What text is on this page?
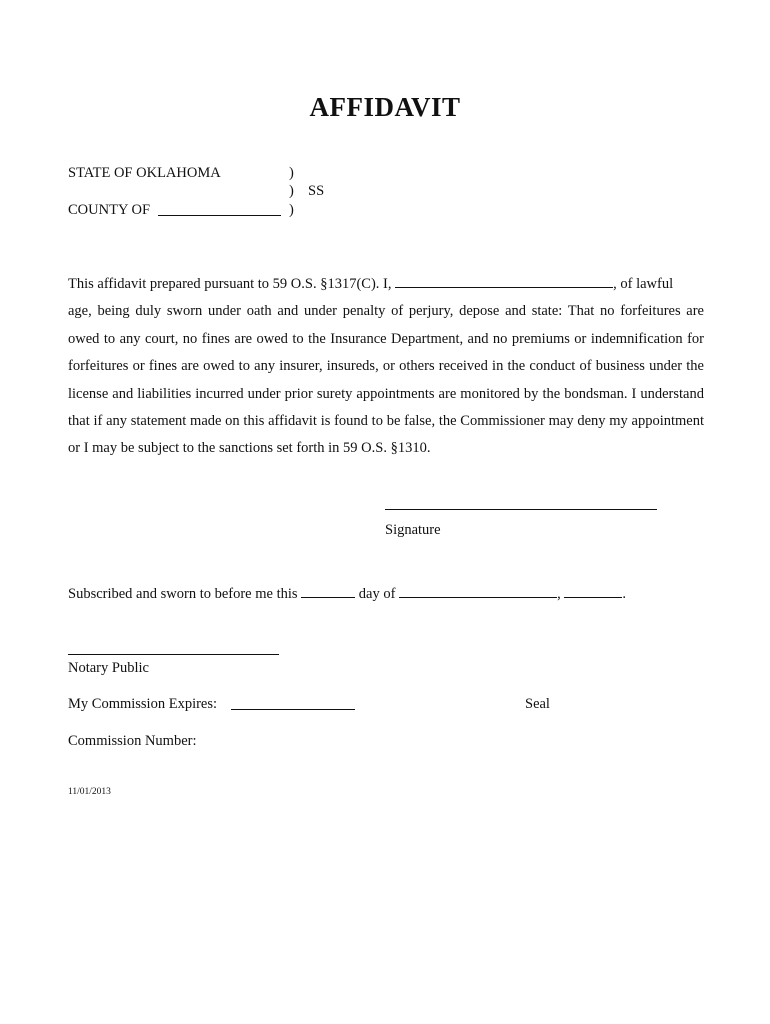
AFFIDAVIT
STATE OF OKLAHOMA	)
) SS
COUNTY OF	)
This affidavit prepared pursuant to 59 O.S. §1317(C). I,	, of lawful
age, being duly sworn under oath and under penalty of perjury, depose and state: That no forfeitures are
owed to any court, no fines are owed to the Insurance Department, and no premiums or indemnification for
forfeitures or fines are owed to any insurer, insureds, or others received in the conduct of business under the
license and liabilities incurred under prior surety appointments are monitored by the bondsman. I understand
that if any statement made on this affidavit is found to be false, the Commissioner may deny my appointment
or I may be subject to the sanctions set forth in 59 O.S. §1310.
Signature
Subscribed and sworn to before me this	day of	,	.
Notary Public
My Commission Expires:	Seal
Commission Number:
11/01/2013
